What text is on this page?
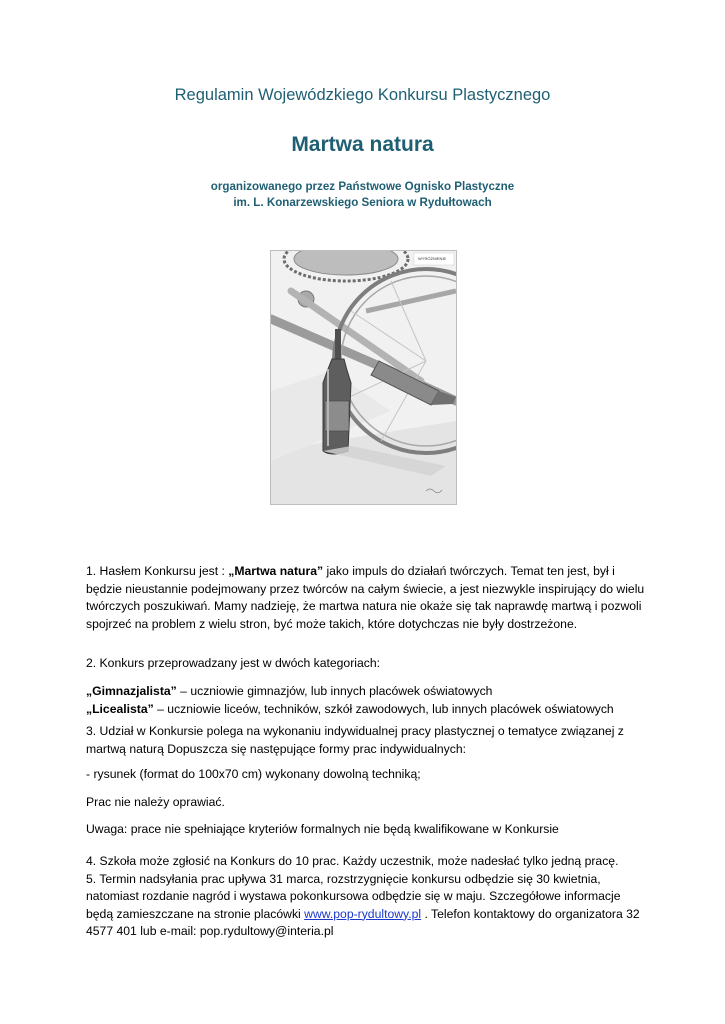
Regulamin Wojewódzkiego Konkursu Plastycznego
Martwa natura
organizowanego przez Państwowe Ognisko Plastyczne
im. L. Konarzewskiego Seniora w Rydułtowach
WYRÓŻNIENIE

1. Hasłem Konkursu jest : „Martwa natura” jako impuls do działań twórczych. Temat ten jest, był i będzie nieustannie podejmowany przez twórców na całym świecie, a jest niezwykle inspirujący do wielu twórczych poszukiwań. Mamy nadzieję, że martwa natura nie okaże się tak naprawdę martwą i pozwoli spojrzeć na problem z wielu stron, być może takich, które dotychczas nie były dostrzeżone.

2. Konkurs przeprowadzany jest w dwóch kategoriach:

„Gimnazjalista” – uczniowie gimnazjów, lub innych placówek oświatowych

„Licealista” – uczniowie liceów, techników, szkół zawodowych, lub innych placówek oświatowych

3. Udział w Konkursie polega na wykonaniu indywidualnej pracy plastycznej o tematyce związanej z martwą naturą Dopuszcza się następujące formy prac indywidualnych:

- rysunek (format do 100x70 cm) wykonany dowolną techniką;

Prac nie należy oprawiać.

Uwaga: prace nie spełniające kryteriów formalnych nie będą kwalifikowane w Konkursie

4. Szkoła może zgłosić na Konkurs do 10 prac. Każdy uczestnik, może nadesłać tylko jedną pracę.

5. Termin nadsyłania prac upływa 31 marca, rozstrzygnięcie konkursu odbędzie się 30 kwietnia, natomiast rozdanie nagród i wystawa pokonkursowa odbędzie się w maju. Szczegółowe informacje będą zamieszczane na stronie placówki www.pop-rydultowy.pl . Telefon kontaktowy do organizatora 32 4577 401 lub e-mail: pop.rydultowy@interia.pl
